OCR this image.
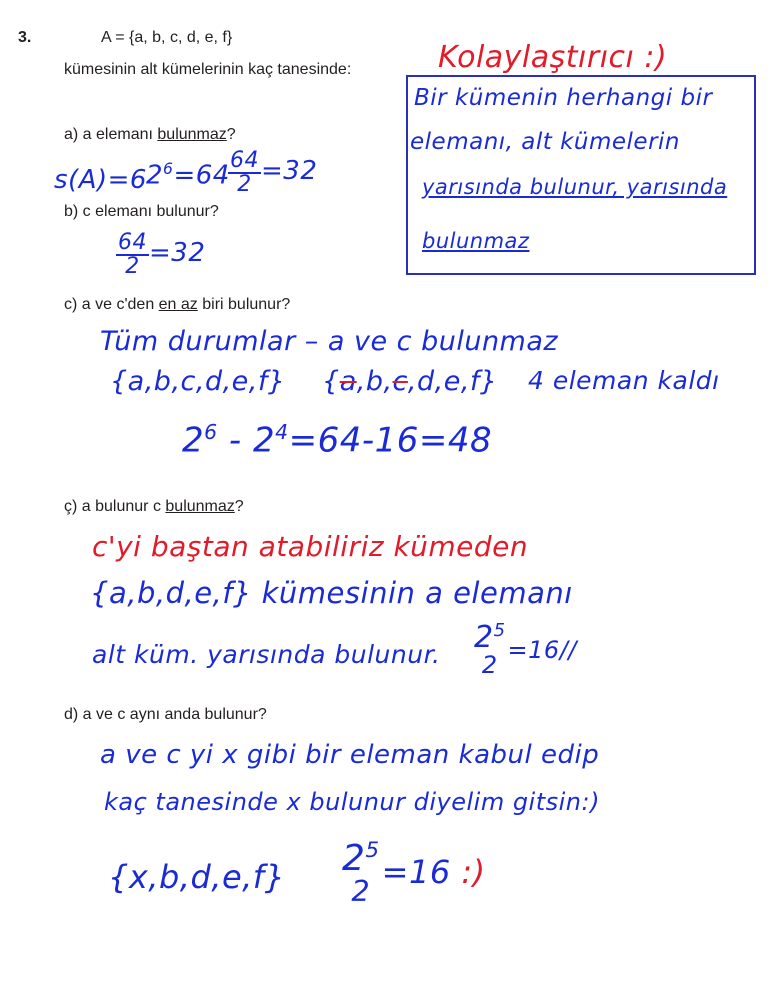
3.	A = {a, b, c, d, e, f}
kümesinin alt kümelerinin kaç tanesinde:
a) a elemanı bulunmaz?
b) c elemanı bulunur?
c) a ve c'den en az biri bulunur?
ç) a bulunur c bulunmaz?
d) a ve c aynı anda bulunur?
Kolaylaştırıcı :)
Bir kümenin herhangi bir
elemanı, alt kümelerin
yarısında bulunur, yarısında
bulunmaz
s(A)=6 $2^6=64$
$\frac{64}{2} =32$
$\frac{64}{2} =32$
Tüm durumlar – a ve c bulunmaz
{a,b,c,d,e,f} {a,b,c,d,e,f} 4 eleman kaldı
$2^6 - 2^4=64-16=48$
c'yi baştan atabiliriz kümeden
{a,b,d,e,f} kümesinin a elemanı
alt küm. yarısında bulunur. $2^5$
2
=16//
a ve c yi x gibi bir eleman kabul edip
kaç tanesinde x bulunur diyelim gitsin:)
{x,b,d,e,f} $2^5$
2
=16 :)
